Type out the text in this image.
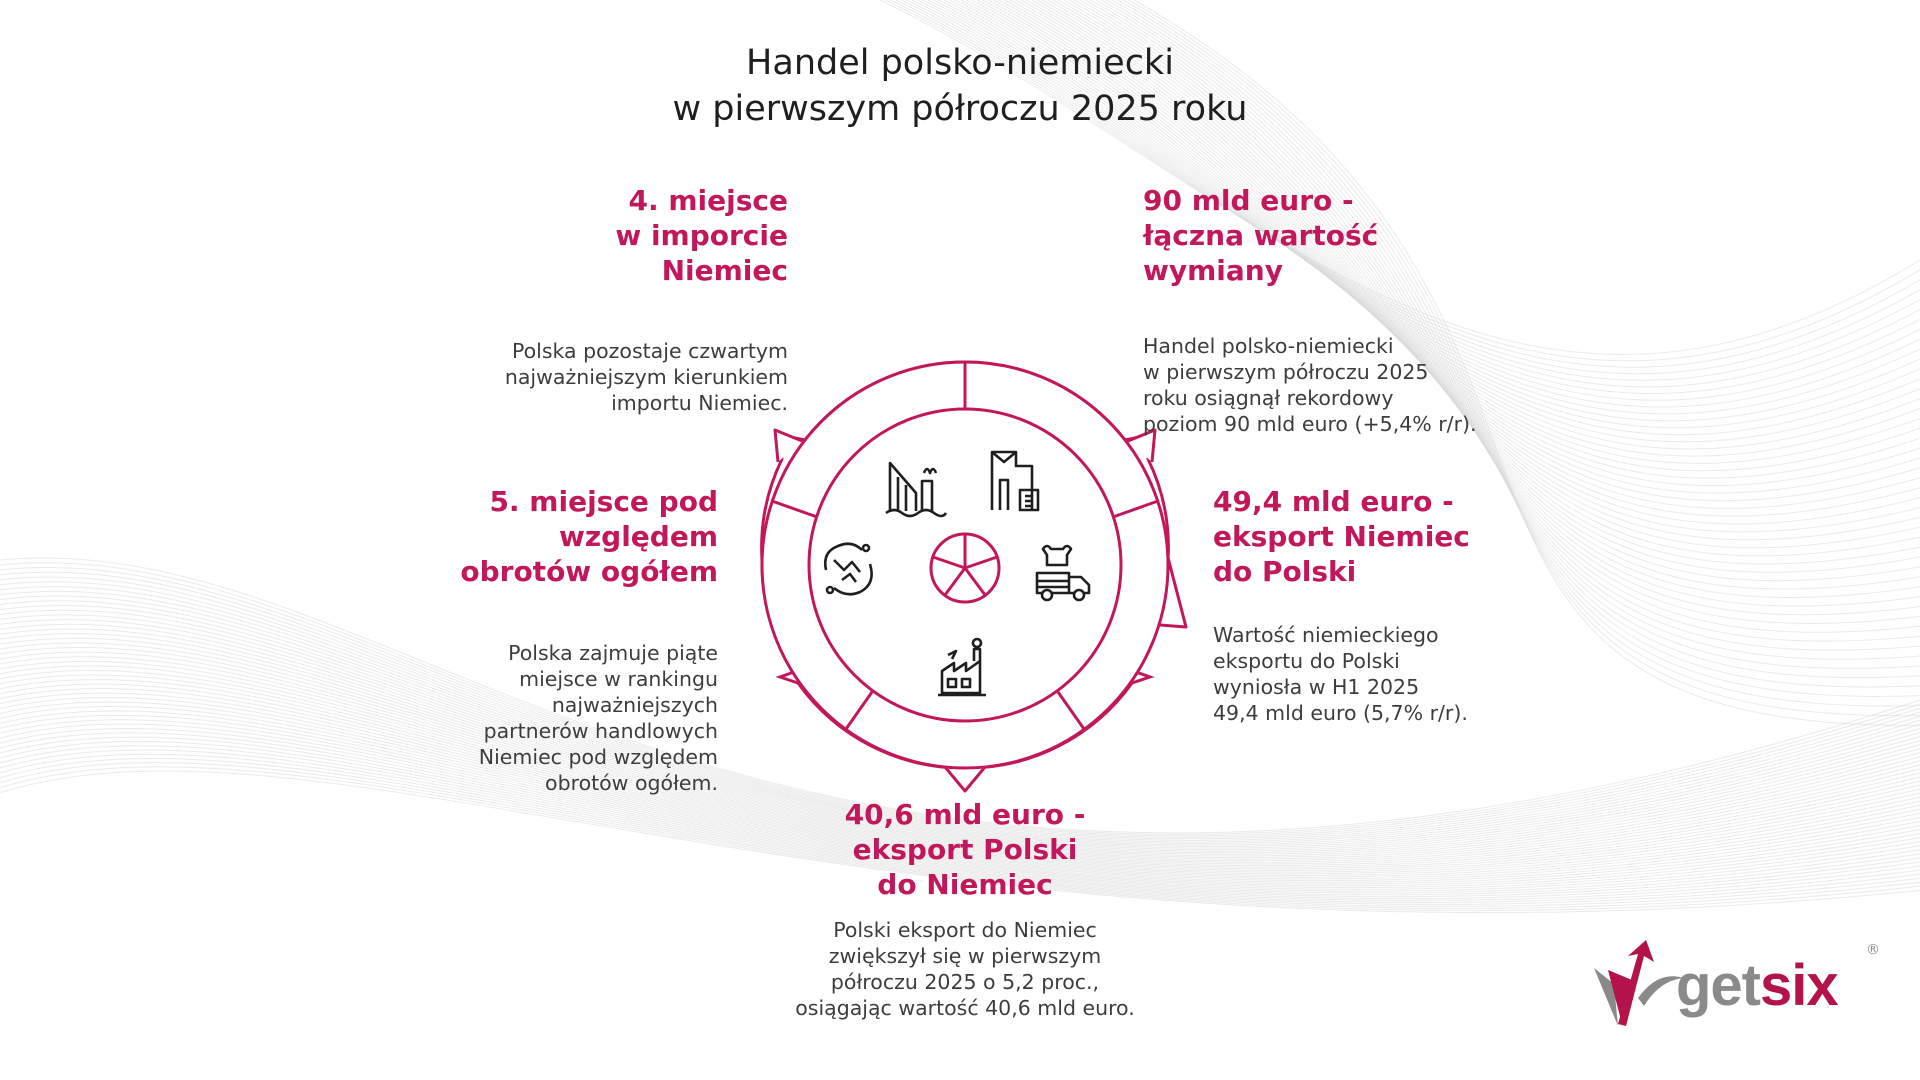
Handel polsko-niemiecki
w pierwszym półroczu 2025 roku
4. miejsce
w imporcie
Niemiec
Polska pozostaje czwartym
najważniejszym kierunkiem
importu Niemiec.
90 mld euro -
łączna wartość
wymiany
Handel polsko-niemiecki
w pierwszym półroczu 2025
roku osiągnął rekordowy
poziom 90 mld euro (+5,4% r/r).
5. miejsce pod
względem
obrotów ogółem
Polska zajmuje piąte
miejsce w rankingu
najważniejszych
partnerów handlowych
Niemiec pod względem
obrotów ogółem.
49,4 mld euro -
eksport Niemiec
do Polski
Wartość niemieckiego
eksportu do Polski
wyniosła w H1 2025
49,4 mld euro (5,7% r/r).
40,6 mld euro -
eksport Polski
do Niemiec
Polski eksport do Niemiec
zwiększył się w pierwszym
półroczu 2025 o 5,2 proc.,
osiągając wartość 40,6 mld euro.	getsix
®
